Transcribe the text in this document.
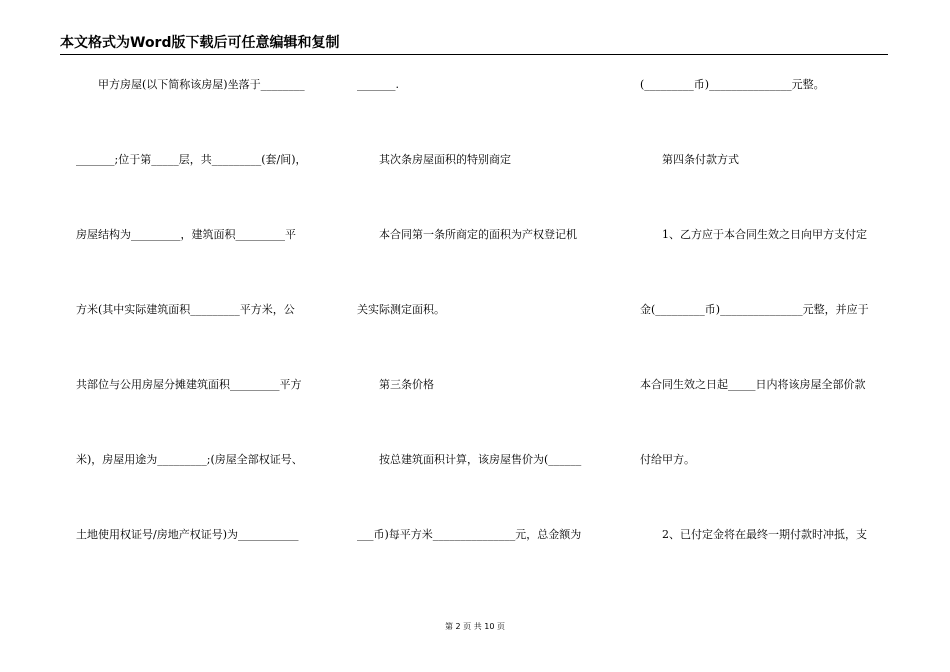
本文格式为Word版下载后可任意编辑和复制
　　甲方房屋(以下简称该房屋)坐落于________
_______;位于第_____层，共_________(套/间)，
房屋结构为_________，建筑面积_________平
方米(其中实际建筑面积_________平方米，公
共部位与公用房屋分摊建筑面积_________平方
米)，房屋用途为_________;(房屋全部权证号、
土地使用权证号/房地产权证号)为___________
_______.
　　其次条房屋面积的特别商定
　　本合同第一条所商定的面积为产权登记机
关实际测定面积。
　　第三条价格
　　按总建筑面积计算，该房屋售价为(______
___币)每平方米_______________元，总金额为
(_________币)_______________元整。
　　第四条付款方式
　　1、乙方应于本合同生效之日向甲方支付定
金(_________币)_______________元整，并应于
本合同生效之日起_____日内将该房屋全部价款
付给甲方。
　　2、已付定金将在最终一期付款时冲抵，支
第 2 页 共 10 页
